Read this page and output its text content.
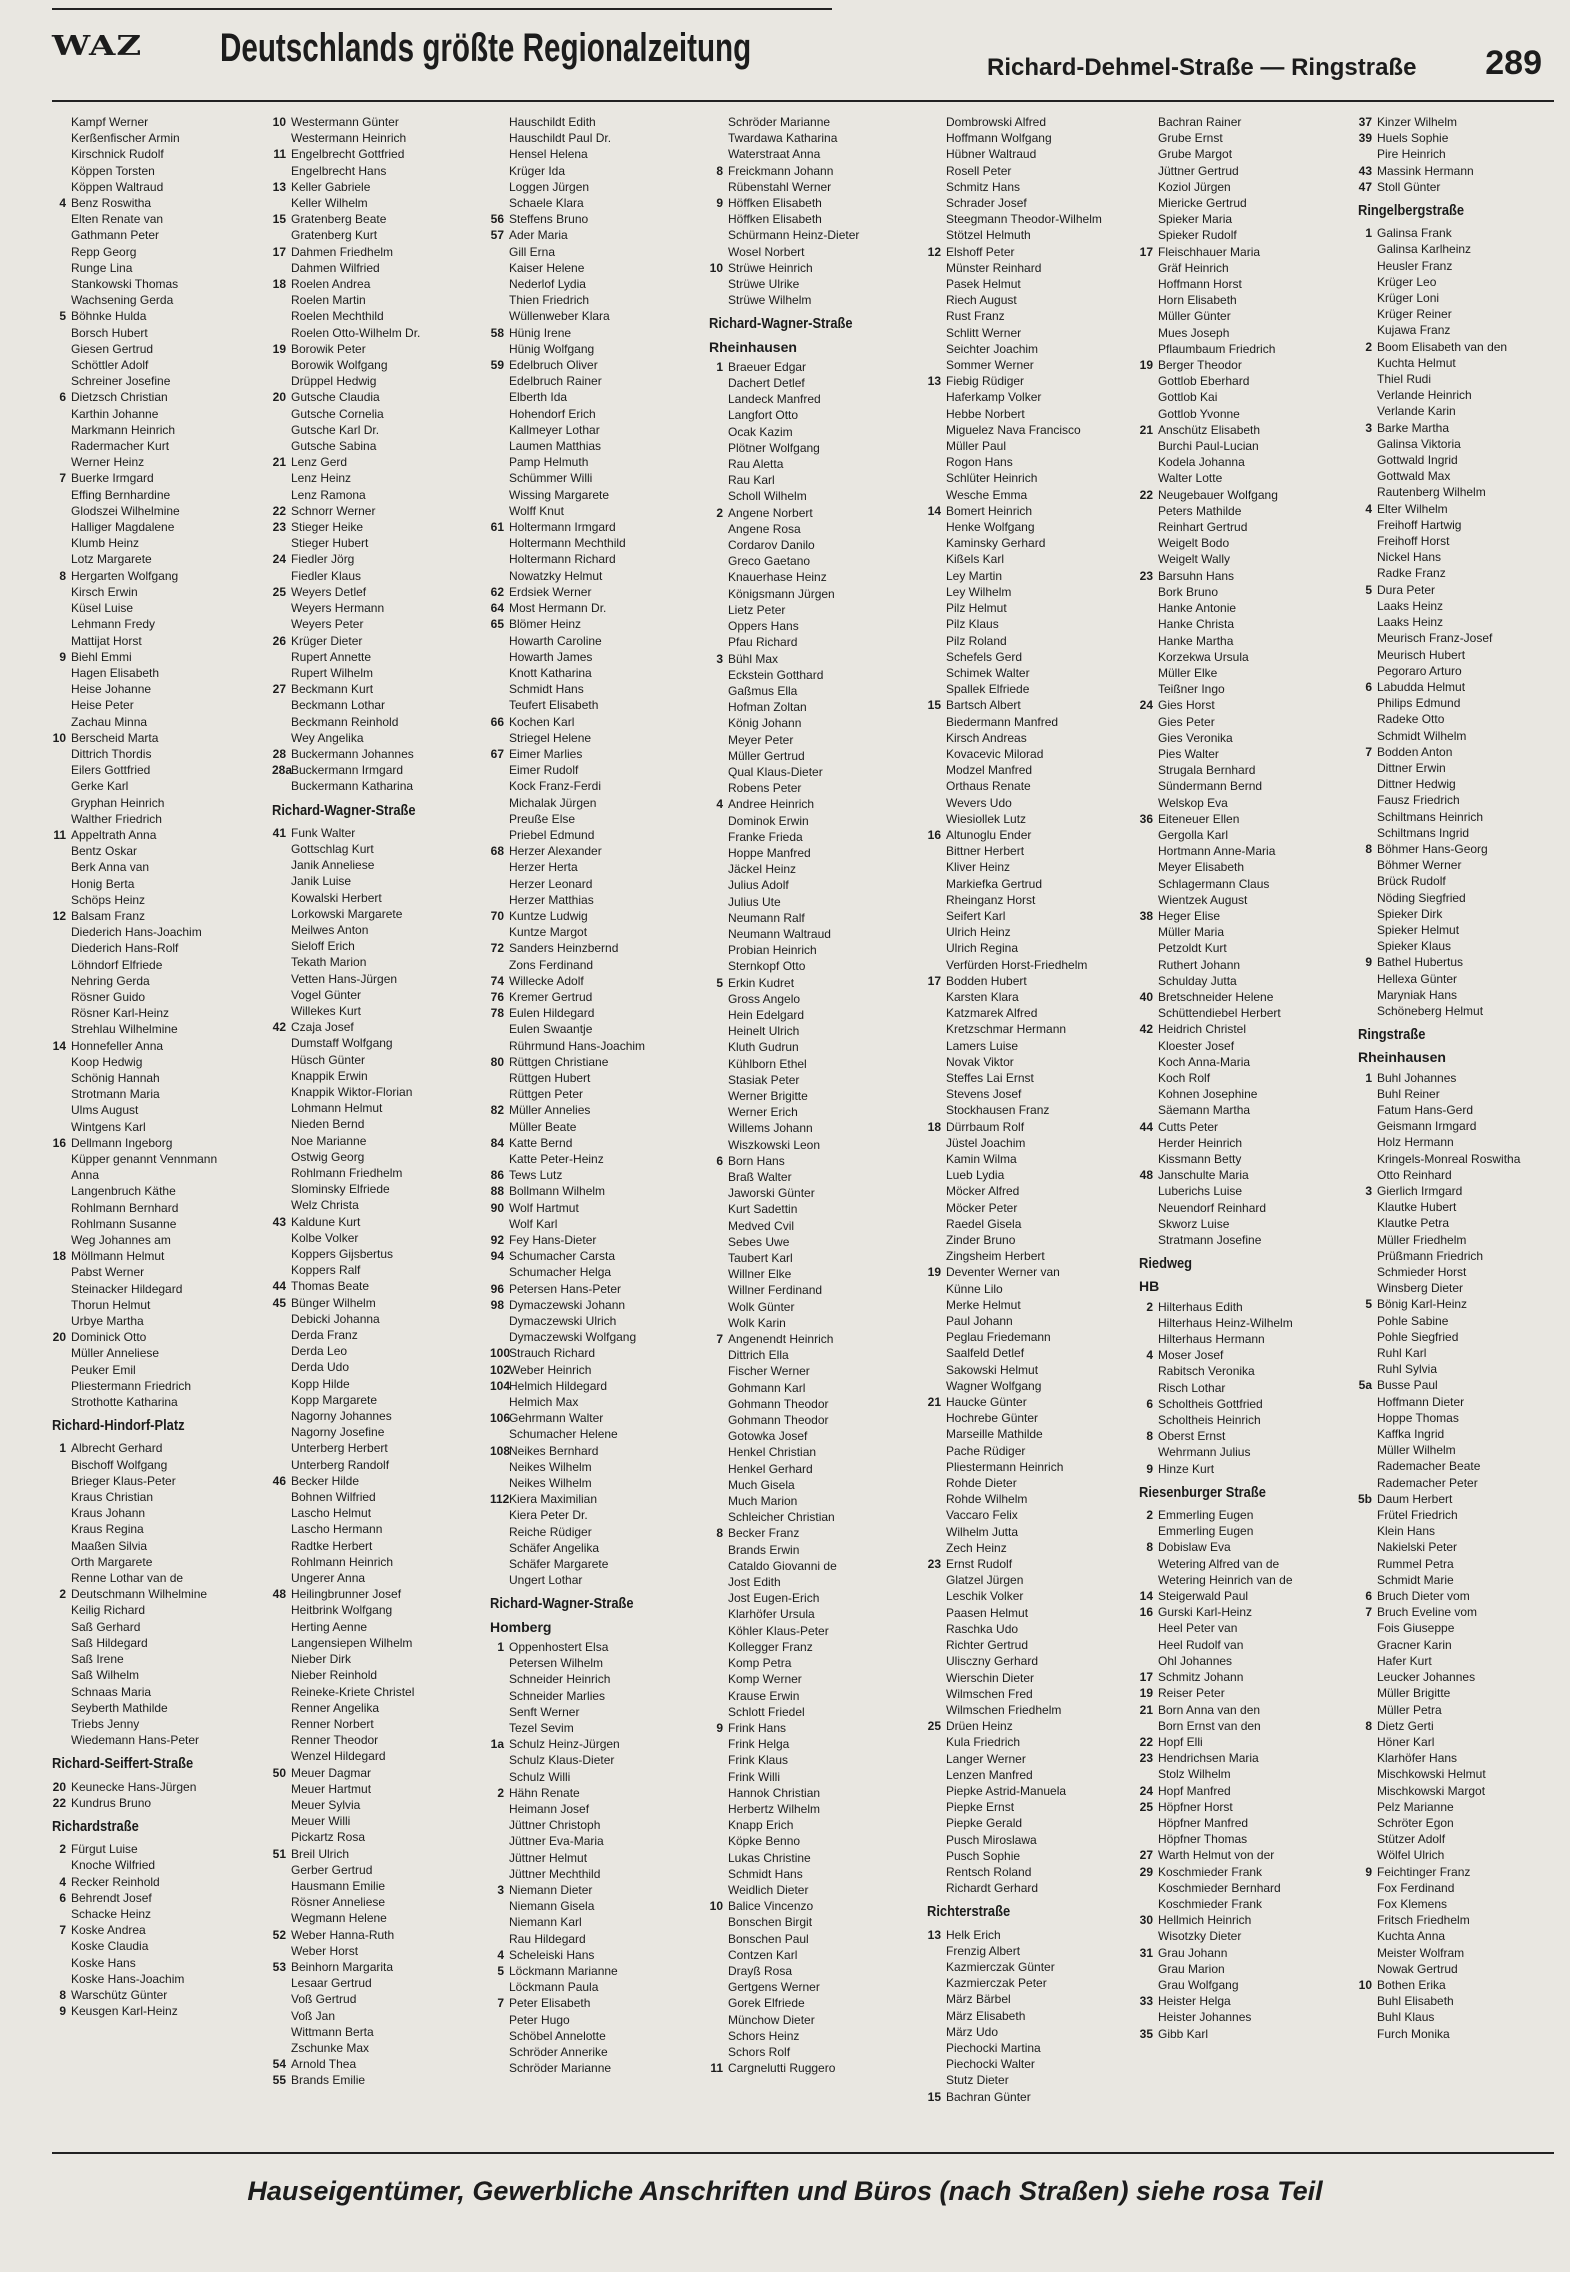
WAZ Deutschlands größte Regionalzeitung	Richard-Dehmel-Straße — Ringstraße 289
Kampf Werner
Kerßenfischer Armin
Kirschnick Rudolf
Köppen Torsten
Köppen Waltraud
4 Benz Roswitha
Elten Renate van
Gathmann Peter
Repp Georg
Runge Lina
Stankowski Thomas
Wachsening Gerda
5 Böhnke Hulda
Borsch Hubert
Giesen Gertrud
Schöttler Adolf
Schreiner Josefine
6 Dietzsch Christian
Karthin Johanne
Markmann Heinrich
Radermacher Kurt
Werner Heinz
7 Buerke Irmgard
Effing Bernhardine
Glodszei Wilhelmine
Halliger Magdalene
Klumb Heinz
Lotz Margarete
8 Hergarten Wolfgang
Kirsch Erwin
Küsel Luise
Lehmann Fredy
Mattijat Horst
9 Biehl Emmi
Hagen Elisabeth
Heise Johanne
Heise Peter
Zachau Minna
10 Berscheid Marta
Dittrich Thordis
Eilers Gottfried
Gerke Karl
Gryphan Heinrich
Walther Friedrich
11 Appeltrath Anna
Bentz Oskar
Berk Anna van
Honig Berta
Schöps Heinz
12 Balsam Franz
Diederich Hans-Joachim
Diederich Hans-Rolf
Löhndorf Elfriede
Nehring Gerda
Rösner Guido
Rösner Karl-Heinz
Strehlau Wilhelmine
14 Honnefeller Anna
Koop Hedwig
Schönig Hannah
Strotmann Maria
Ulms August
Wintgens Karl
16 Dellmann Ingeborg
Küpper genannt Vennmann
Anna
Langenbruch Käthe
Rohlmann Bernhard
Rohlmann Susanne
Weg Johannes am
18 Möllmann Helmut
Pabst Werner
Steinacker Hildegard
Thorun Helmut
Urbye Martha
20 Dominick Otto
Müller Anneliese
Peuker Emil
Pliestermann Friedrich
Strothotte Katharina
Richard-Hindorf-Platz
1 Albrecht Gerhard
Bischoff Wolfgang
Brieger Klaus-Peter
Kraus Christian
Kraus Johann
Kraus Regina
Maaßen Silvia
Orth Margarete
Renne Lothar van de
2 Deutschmann Wilhelmine
Keilig Richard
Saß Gerhard
Saß Hildegard
Saß Irene
Saß Wilhelm
Schnaas Maria
Seyberth Mathilde
Triebs Jenny
Wiedemann Hans-Peter
Richard-Seiffert-Straße
20 Keunecke Hans-Jürgen
22 Kundrus Bruno
Richardstraße
2 Fürgut Luise
Knoche Wilfried
4 Recker Reinhold
6 Behrendt Josef
Schacke Heinz
7 Koske Andrea
Koske Claudia
Koske Hans
Koske Hans-Joachim
8 Warschütz Günter
9 Keusgen Karl-Heinz
10 Westermann Günter
Westermann Heinrich
11 Engelbrecht Gottfried
Engelbrecht Hans
13 Keller Gabriele
Keller Wilhelm
15 Gratenberg Beate
Gratenberg Kurt
17 Dahmen Friedhelm
Dahmen Wilfried
18 Roelen Andrea
Roelen Martin
Roelen Mechthild
Roelen Otto-Wilhelm Dr.
19 Borowik Peter
Borowik Wolfgang
Drüppel Hedwig
20 Gutsche Claudia
Gutsche Cornelia
Gutsche Karl Dr.
Gutsche Sabina
21 Lenz Gerd
Lenz Heinz
Lenz Ramona
22 Schnorr Werner
23 Stieger Heike
Stieger Hubert
24 Fiedler Jörg
Fiedler Klaus
25 Weyers Detlef
Weyers Hermann
Weyers Peter
26 Krüger Dieter
Rupert Annette
Rupert Wilhelm
27 Beckmann Kurt
Beckmann Lothar
Beckmann Reinhold
Wey Angelika
28 Buckermann Johannes
28a
Buckermann Irmgard
Buckermann Katharina
Richard-Wagner-Straße
41 Funk Walter
Gottschlag Kurt
Janik Anneliese
Janik Luise
Kowalski Herbert
Lorkowski Margarete
Meilwes Anton
Sieloff Erich
Tekath Marion
Vetten Hans-Jürgen
Vogel Günter
Willekes Kurt
42 Czaja Josef
Dumstaff Wolfgang
Hüsch Günter
Knappik Erwin
Knappik Wiktor-Florian
Lohmann Helmut
Nieden Bernd
Noe Marianne
Ostwig Georg
Rohlmann Friedhelm
Slominsky Elfriede
Welz Christa
43 Kaldune Kurt
Kolbe Volker
Koppers Gijsbertus
Koppers Ralf
44 Thomas Beate
45 Bünger Wilhelm
Debicki Johanna
Derda Franz
Derda Leo
Derda Udo
Kopp Hilde
Kopp Margarete
Nagorny Johannes
Nagorny Josefine
Unterberg Herbert
Unterberg Randolf
46 Becker Hilde
Bohnen Wilfried
Lascho Helmut
Lascho Hermann
Radtke Herbert
Rohlmann Heinrich
Ungerer Anna
48 Heilingbrunner Josef
Heitbrink Wolfgang
Herting Aenne
Langensiepen Wilhelm
Nieber Dirk
Nieber Reinhold
Reineke-Kriete Christel
Renner Angelika
Renner Norbert
Renner Theodor
Wenzel Hildegard
50 Meuer Dagmar
Meuer Hartmut
Meuer Sylvia
Meuer Willi
Pickartz Rosa
51 Breil Ulrich
Gerber Gertrud
Hausmann Emilie
Rösner Anneliese
Wegmann Helene
52 Weber Hanna-Ruth
Weber Horst
53 Beinhorn Margarita
Lesaar Gertrud
Voß Gertrud
Voß Jan
Wittmann Berta
Zschunke Max
54 Arnold Thea
55 Brands Emilie
Hauschildt Edith
Hauschildt Paul Dr.
Hensel Helena
Krüger Ida
Loggen Jürgen
Schaele Klara
56 Steffens Bruno
57 Ader Maria
Gill Erna
Kaiser Helene
Nederlof Lydia
Thien Friedrich
Wüllenweber Klara
58 Hünig Irene
Hünig Wolfgang
59 Edelbruch Oliver
Edelbruch Rainer
Elberth Ida
Hohendorf Erich
Kallmeyer Lothar
Laumen Matthias
Pamp Helmuth
Schümmer Willi
Wissing Margarete
Wolff Knut
61 Holtermann Irmgard
Holtermann Mechthild
Holtermann Richard
Nowatzky Helmut
62 Erdsiek Werner
64 Most Hermann Dr.
65 Blömer Heinz
Howarth Caroline
Howarth James
Knott Katharina
Schmidt Hans
Teufert Elisabeth
66 Kochen Karl
Striegel Helene
67 Eimer Marlies
Eimer Rudolf
Kock Franz-Ferdi
Michalak Jürgen
Preuße Else
Priebel Edmund
68 Herzer Alexander
Herzer Herta
Herzer Leonard
Herzer Matthias
70 Kuntze Ludwig
Kuntze Margot
72 Sanders Heinzbernd
Zons Ferdinand
74 Willecke Adolf
76 Kremer Gertrud
78 Eulen Hildegard
Eulen Swaantje
Rührmund Hans-Joachim
80 Rüttgen Christiane
Rüttgen Hubert
Rüttgen Peter
82 Müller Annelies
Müller Beate
84 Katte Bernd
Katte Peter-Heinz
86 Tews Lutz
88 Bollmann Wilhelm
90 Wolf Hartmut
Wolf Karl
92 Fey Hans-Dieter
94 Schumacher Carsta
Schumacher Helga
96 Petersen Hans-Peter
98 Dymaczewski Johann
Dymaczewski Ulrich
Dymaczewski Wolfgang
100
Strauch Richard
102
Weber Heinrich
104
Helmich Hildegard
Helmich Max
106
Gehrmann Walter
Schumacher Helene
108
Neikes Bernhard
Neikes Wilhelm
Neikes Wilhelm
112 Kiera Maximilian
Kiera Peter Dr.
Reiche Rüdiger
Schäfer Angelika
Schäfer Margarete
Ungert Lothar
Richard-Wagner-Straße
Homberg
1 Oppenhostert Elsa
Petersen Wilhelm
Schneider Heinrich
Schneider Marlies
Senft Werner
Tezel Sevim
1a Schulz Heinz-Jürgen
Schulz Klaus-Dieter
Schulz Willi
2 Hähn Renate
Heimann Josef
Jüttner Christoph
Jüttner Eva-Maria
Jüttner Helmut
Jüttner Mechthild
3 Niemann Dieter
Niemann Gisela
Niemann Karl
Rau Hildegard
4 Scheleiski Hans
5 Löckmann Marianne
Löckmann Paula
7 Peter Elisabeth
Peter Hugo
Schöbel Annelotte
Schröder Annerike
Schröder Marianne
Schröder Marianne
Twardawa Katharina
Waterstraat Anna
8 Freickmann Johann
Rübenstahl Werner
9 Höffken Elisabeth
Höffken Elisabeth
Schürmann Heinz-Dieter
Wosel Norbert
10 Strüwe Heinrich
Strüwe Ulrike
Strüwe Wilhelm
Richard-Wagner-Straße
Rheinhausen
1 Braeuer Edgar
Dachert Detlef
Landeck Manfred
Langfort Otto
Ocak Kazim
Plötner Wolfgang
Rau Aletta
Rau Karl
Scholl Wilhelm
2 Angene Norbert
Angene Rosa
Cordarov Danilo
Greco Gaetano
Knauerhase Heinz
Königsmann Jürgen
Lietz Peter
Oppers Hans
Pfau Richard
3 Bühl Max
Eckstein Gotthard
Gaßmus Ella
Hofman Zoltan
König Johann
Meyer Peter
Müller Gertrud
Qual Klaus-Dieter
Robens Peter
4 Andree Heinrich
Dominok Erwin
Franke Frieda
Hoppe Manfred
Jäckel Heinz
Julius Adolf
Julius Ute
Neumann Ralf
Neumann Waltraud
Probian Heinrich
Sternkopf Otto
5 Erkin Kudret
Gross Angelo
Hein Edelgard
Heinelt Ulrich
Kluth Gudrun
Kühlborn Ethel
Stasiak Peter
Werner Brigitte
Werner Erich
Willems Johann
Wiszkowski Leon
6 Born Hans
Braß Walter
Jaworski Günter
Kurt Sadettin
Medved Cvil
Sebes Uwe
Taubert Karl
Willner Elke
Willner Ferdinand
Wolk Günter
Wolk Karin
7 Angenendt Heinrich
Dittrich Ella
Fischer Werner
Gohmann Karl
Gohmann Theodor
Gohmann Theodor
Gotowka Josef
Henkel Christian
Henkel Gerhard
Much Gisela
Much Marion
Schleicher Christian
8 Becker Franz
Brands Erwin
Cataldo Giovanni de
Jost Edith
Jost Eugen-Erich
Klarhöfer Ursula
Köhler Klaus-Peter
Kollegger Franz
Komp Petra
Komp Werner
Krause Erwin
Schlott Friedel
9 Frink Hans
Frink Helga
Frink Klaus
Frink Willi
Hannok Christian
Herbertz Wilhelm
Knapp Erich
Köpke Benno
Lukas Christine
Schmidt Hans
Weidlich Dieter
10 Balice Vincenzo
Bonschen Birgit
Bonschen Paul
Contzen Karl
Drayß Rosa
Gertgens Werner
Gorek Elfriede
Münchow Dieter
Schors Heinz
Schors Rolf
11 Cargnelutti Ruggero
Dombrowski Alfred
Hoffmann Wolfgang
Hübner Waltraud
Rosell Peter
Schmitz Hans
Schrader Josef
Steegmann Theodor-Wilhelm
Stötzel Helmuth
12 Elshoff Peter
Münster Reinhard
Pasek Helmut
Riech August
Rust Franz
Schlitt Werner
Seichter Joachim
Sommer Werner
13 Fiebig Rüdiger
Haferkamp Volker
Hebbe Norbert
Miguelez Nava Francisco
Müller Paul
Rogon Hans
Schlüter Heinrich
Wesche Emma
14 Bomert Heinrich
Henke Wolfgang
Kaminsky Gerhard
Kißels Karl
Ley Martin
Ley Wilhelm
Pilz Helmut
Pilz Klaus
Pilz Roland
Schefels Gerd
Schimek Walter
Spallek Elfriede
15 Bartsch Albert
Biedermann Manfred
Kirsch Andreas
Kovacevic Milorad
Modzel Manfred
Orthaus Renate
Wevers Udo
Wiesiollek Lutz
16 Altunoglu Ender
Bittner Herbert
Kliver Heinz
Markiefka Gertrud
Rheinganz Horst
Seifert Karl
Ulrich Heinz
Ulrich Regina
Verfürden Horst-Friedhelm
17 Bodden Hubert
Karsten Klara
Katzmarek Alfred
Kretzschmar Hermann
Lamers Luise
Novak Viktor
Steffes Lai Ernst
Stevens Josef
Stockhausen Franz
18 Dürrbaum Rolf
Jüstel Joachim
Kamin Wilma
Lueb Lydia
Möcker Alfred
Möcker Peter
Raedel Gisela
Zinder Bruno
Zingsheim Herbert
19 Deventer Werner van
Künne Lilo
Merke Helmut
Paul Johann
Peglau Friedemann
Saalfeld Detlef
Sakowski Helmut
Wagner Wolfgang
21 Haucke Günter
Hochrebe Günter
Marseille Mathilde
Pache Rüdiger
Pliestermann Heinrich
Rohde Dieter
Rohde Wilhelm
Vaccaro Felix
Wilhelm Jutta
Zech Heinz
23 Ernst Rudolf
Glatzel Jürgen
Leschik Volker
Paasen Helmut
Raschka Udo
Richter Gertrud
Ulisczny Gerhard
Wierschin Dieter
Wilmschen Fred
Wilmschen Friedhelm
25 Drüen Heinz
Kula Friedrich
Langer Werner
Lenzen Manfred
Piepke Astrid-Manuela
Piepke Ernst
Piepke Gerald
Pusch Miroslawa
Pusch Sophie
Rentsch Roland
Richardt Gerhard
Richterstraße
13 Helk Erich
Frenzig Albert
Kazmierczak Günter
Kazmierczak Peter
März Bärbel
März Elisabeth
März Udo
Piechocki Martina
Piechocki Walter
Stutz Dieter
15 Bachran Günter
Bachran Rainer
Grube Ernst
Grube Margot
Jüttner Gertrud
Koziol Jürgen
Miericke Gertrud
Spieker Maria
Spieker Rudolf
17 Fleischhauer Maria
Gräf Heinrich
Hoffmann Horst
Horn Elisabeth
Müller Günter
Mues Joseph
Pflaumbaum Friedrich
19 Berger Theodor
Gottlob Eberhard
Gottlob Kai
Gottlob Yvonne
21 Anschütz Elisabeth
Burchi Paul-Lucian
Kodela Johanna
Walter Lotte
22 Neugebauer Wolfgang
Peters Mathilde
Reinhart Gertrud
Weigelt Bodo
Weigelt Wally
23 Barsuhn Hans
Bork Bruno
Hanke Antonie
Hanke Christa
Hanke Martha
Korzekwa Ursula
Müller Elke
Teißner Ingo
24 Gies Horst
Gies Peter
Gies Veronika
Pies Walter
Strugala Bernhard
Sündermann Bernd
Welskop Eva
36 Eiteneuer Ellen
Gergolla Karl
Hortmann Anne-Maria
Meyer Elisabeth
Schlagermann Claus
Wientzek August
38 Heger Elise
Müller Maria
Petzoldt Kurt
Ruthert Johann
Schulday Jutta
40 Bretschneider Helene
Schüttendiebel Herbert
42 Heidrich Christel
Kloester Josef
Koch Anna-Maria
Koch Rolf
Kohnen Josephine
Säemann Martha
44 Cutts Peter
Herder Heinrich
Kissmann Betty
48 Janschulte Maria
Luberichs Luise
Neuendorf Reinhard
Skworz Luise
Stratmann Josefine
Riedweg
HB
2 Hilterhaus Edith
Hilterhaus Heinz-Wilhelm
Hilterhaus Hermann
4 Moser Josef
Rabitsch Veronika
Risch Lothar
6 Scholtheis Gottfried
Scholtheis Heinrich
8 Oberst Ernst
Wehrmann Julius
9 Hinze Kurt
Riesenburger Straße
2 Emmerling Eugen
Emmerling Eugen
8 Dobislaw Eva
Wetering Alfred van de
Wetering Heinrich van de
14 Steigerwald Paul
16 Gurski Karl-Heinz
Heel Peter van
Heel Rudolf van
Ohl Johannes
17 Schmitz Johann
19 Reiser Peter
21 Born Anna van den
Born Ernst van den
22 Hopf Elli
23 Hendrichsen Maria
Stolz Wilhelm
24 Hopf Manfred
25 Höpfner Horst
Höpfner Manfred
Höpfner Thomas
27 Warth Helmut von der
29 Koschmieder Frank
Koschmieder Bernhard
Koschmieder Frank
30 Hellmich Heinrich
Wisotzky Dieter
31 Grau Johann
Grau Marion
Grau Wolfgang
33 Heister Helga
Heister Johannes
35 Gibb Karl
37 Kinzer Wilhelm
39 Huels Sophie
Pire Heinrich
43 Massink Hermann
47 Stoll Günter
Ringelbergstraße
1 Galinsa Frank
Galinsa Karlheinz
Heusler Franz
Krüger Leo
Krüger Loni
Krüger Reiner
Kujawa Franz
2 Boom Elisabeth van den
Kuchta Helmut
Thiel Rudi
Verlande Heinrich
Verlande Karin
3 Barke Martha
Galinsa Viktoria
Gottwald Ingrid
Gottwald Max
Rautenberg Wilhelm
4 Elter Wilhelm
Freihoff Hartwig
Freihoff Horst
Nickel Hans
Radke Franz
5 Dura Peter
Laaks Heinz
Laaks Heinz
Meurisch Franz-Josef
Meurisch Hubert
Pegoraro Arturo
6 Labudda Helmut
Philips Edmund
Radeke Otto
Schmidt Wilhelm
7 Bodden Anton
Dittner Erwin
Dittner Hedwig
Fausz Friedrich
Schiltmans Heinrich
Schiltmans Ingrid
8 Böhmer Hans-Georg
Böhmer Werner
Brück Rudolf
Nöding Siegfried
Spieker Dirk
Spieker Helmut
Spieker Klaus
9 Bathel Hubertus
Hellexa Günter
Maryniak Hans
Schöneberg Helmut
Ringstraße
Rheinhausen
1 Buhl Johannes
Buhl Reiner
Fatum Hans-Gerd
Geismann Irmgard
Holz Hermann
Kringels-Monreal Roswitha
Otto Reinhard
3 Gierlich Irmgard
Klautke Hubert
Klautke Petra
Müller Friedhelm
Prüßmann Friedrich
Schmieder Horst
Winsberg Dieter
5 Bönig Karl-Heinz
Pohle Sabine
Pohle Siegfried
Ruhl Karl
Ruhl Sylvia
5a Busse Paul
Hoffmann Dieter
Hoppe Thomas
Kaffka Ingrid
Müller Wilhelm
Rademacher Beate
Rademacher Peter
5b Daum Herbert
Frütel Friedrich
Klein Hans
Nakielski Peter
Rummel Petra
Schmidt Marie
6 Bruch Dieter vom
7 Bruch Eveline vom
Fois Giuseppe
Gracner Karin
Hafer Kurt
Leucker Johannes
Müller Brigitte
Müller Petra
8 Dietz Gerti
Höner Karl
Klarhöfer Hans
Mischkowski Helmut
Mischkowski Margot
Pelz Marianne
Schröter Egon
Stützer Adolf
Wölfel Ulrich
9 Feichtinger Franz
Fox Ferdinand
Fox Klemens
Fritsch Friedhelm
Kuchta Anna
Meister Wolfram
Nowak Gertrud
10 Bothen Erika
Buhl Elisabeth
Buhl Klaus
Furch Monika
Hauseigentümer, Gewerbliche Anschriften und Büros (nach Straßen) siehe rosa Teil
